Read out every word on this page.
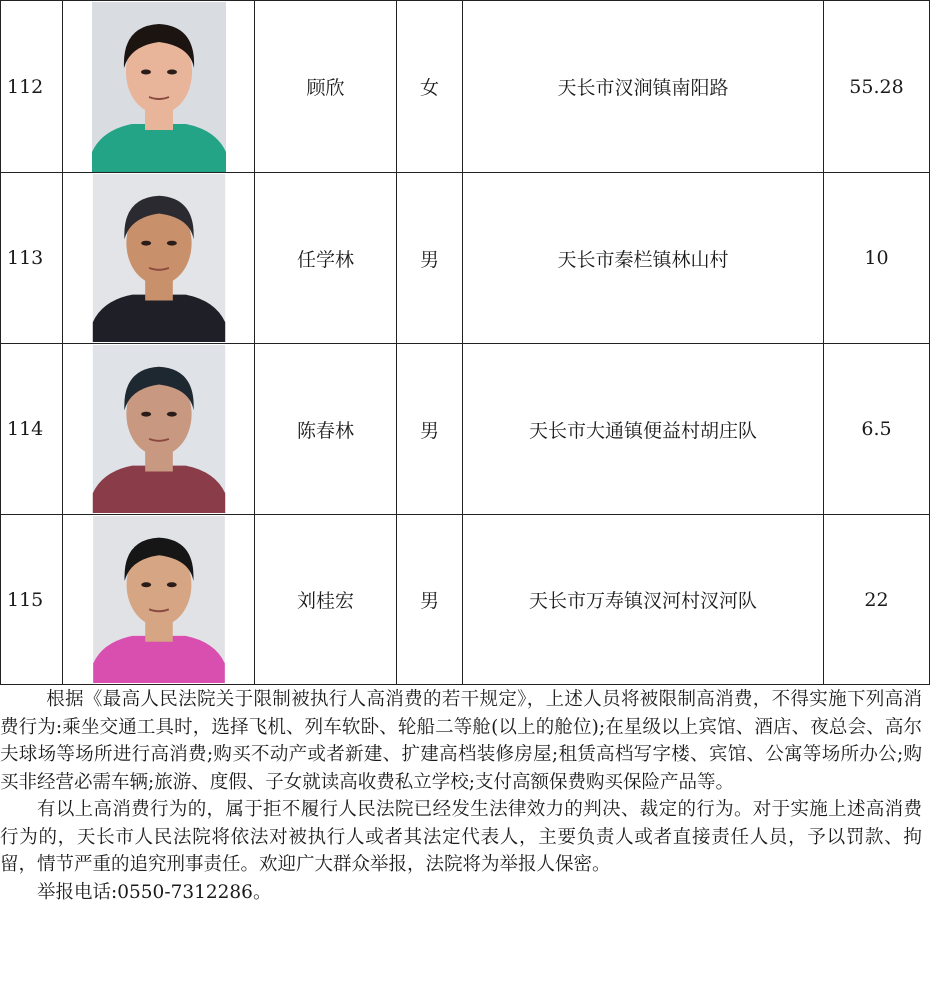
112		顾欣	女	天长市汊涧镇南阳路	55.28
113		任学林	男	天长市秦栏镇林山村	10
114		陈春林	男	天长市大通镇便益村胡庄队	6.5
115		刘桂宏	男	天长市万寿镇汊河村汊河队	22

根据《最高人民法院关于限制被执行人高消费的若干规定》，上述人员将被限制高消费，不得实施下列高消费行为:乘坐交通工具时，选择飞机、列车软卧、轮船二等舱(以上的舱位);在星级以上宾馆、酒店、夜总会、高尔夫球场等场所进行高消费;购买不动产或者新建、扩建高档装修房屋;租赁高档写字楼、宾馆、公寓等场所办公;购买非经营必需车辆;旅游、度假、子女就读高收费私立学校;支付高额保费购买保险产品等。

有以上高消费行为的，属于拒不履行人民法院已经发生法律效力的判决、裁定的行为。对于实施上述高消费行为的，天长市人民法院将依法对被执行人或者其法定代表人，主要负责人或者直接责任人员，予以罚款、拘留，情节严重的追究刑事责任。欢迎广大群众举报，法院将为举报人保密。

举报电话:0550-7312286。
